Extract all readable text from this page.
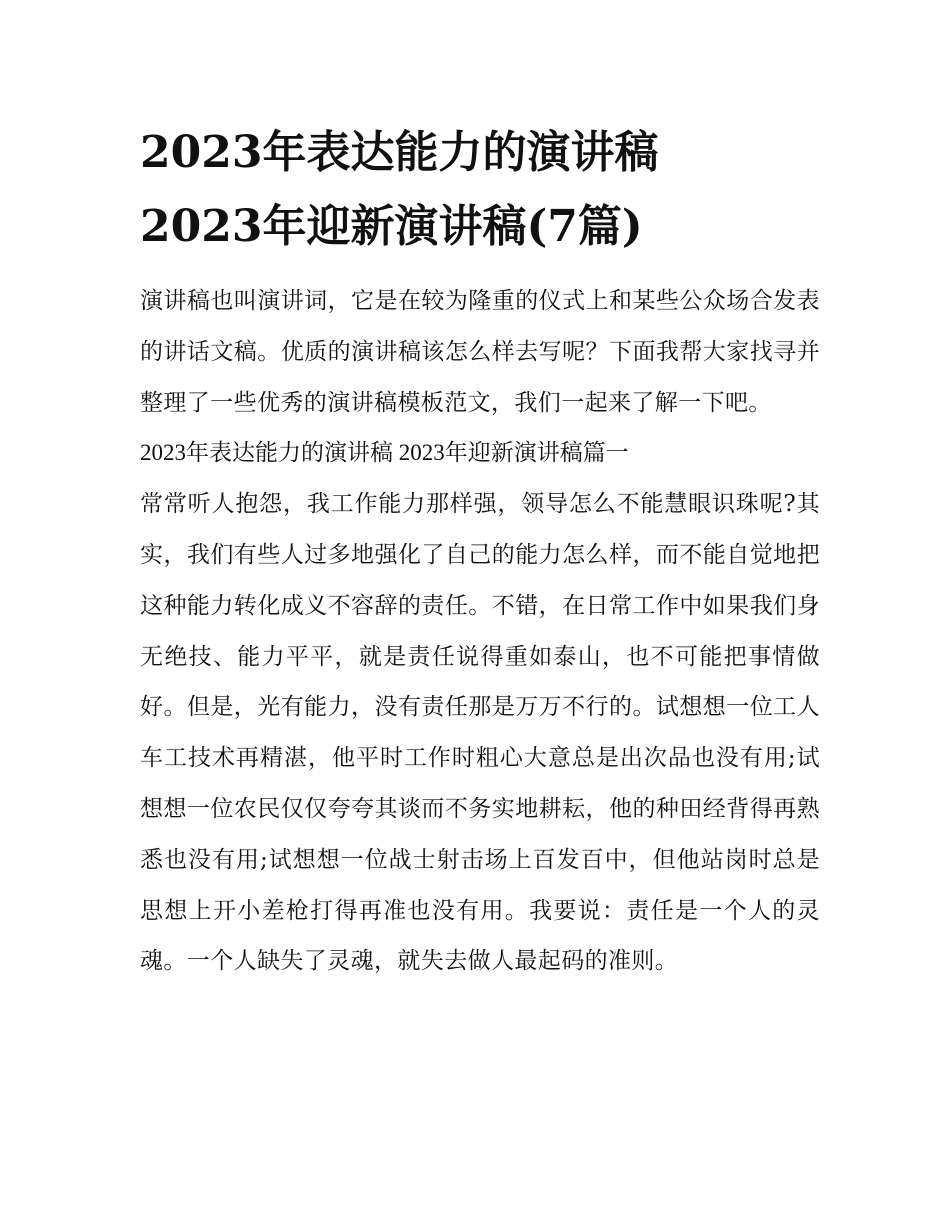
2023年表达能力的演讲稿
2023年迎新演讲稿(7篇)

演讲稿也叫演讲词，它是在较为隆重的仪式上和某些公众场合发表的讲话文稿。优质的演讲稿该怎么样去写呢？下面我帮大家找寻并整理了一些优秀的演讲稿模板范文，我们一起来了解一下吧。

2023年表达能力的演讲稿 2023年迎新演讲稿篇一

常常听人抱怨，我工作能力那样强，领导怎么不能慧眼识珠呢?其实，我们有些人过多地强化了自己的能力怎么样，而不能自觉地把这种能力转化成义不容辞的责任。不错，在日常工作中如果我们身无绝技、能力平平，就是责任说得重如泰山，也不可能把事情做好。但是，光有能力，没有责任那是万万不行的。试想想一位工人车工技术再精湛，他平时工作时粗心大意总是出次品也没有用;试想想一位农民仅仅夸夸其谈而不务实地耕耘，他的种田经背得再熟悉也没有用;试想想一位战士射击场上百发百中，但他站岗时总是思想上开小差枪打得再准也没有用。我要说：责任是一个人的灵魂。一个人缺失了灵魂，就失去做人最起码的准则。
